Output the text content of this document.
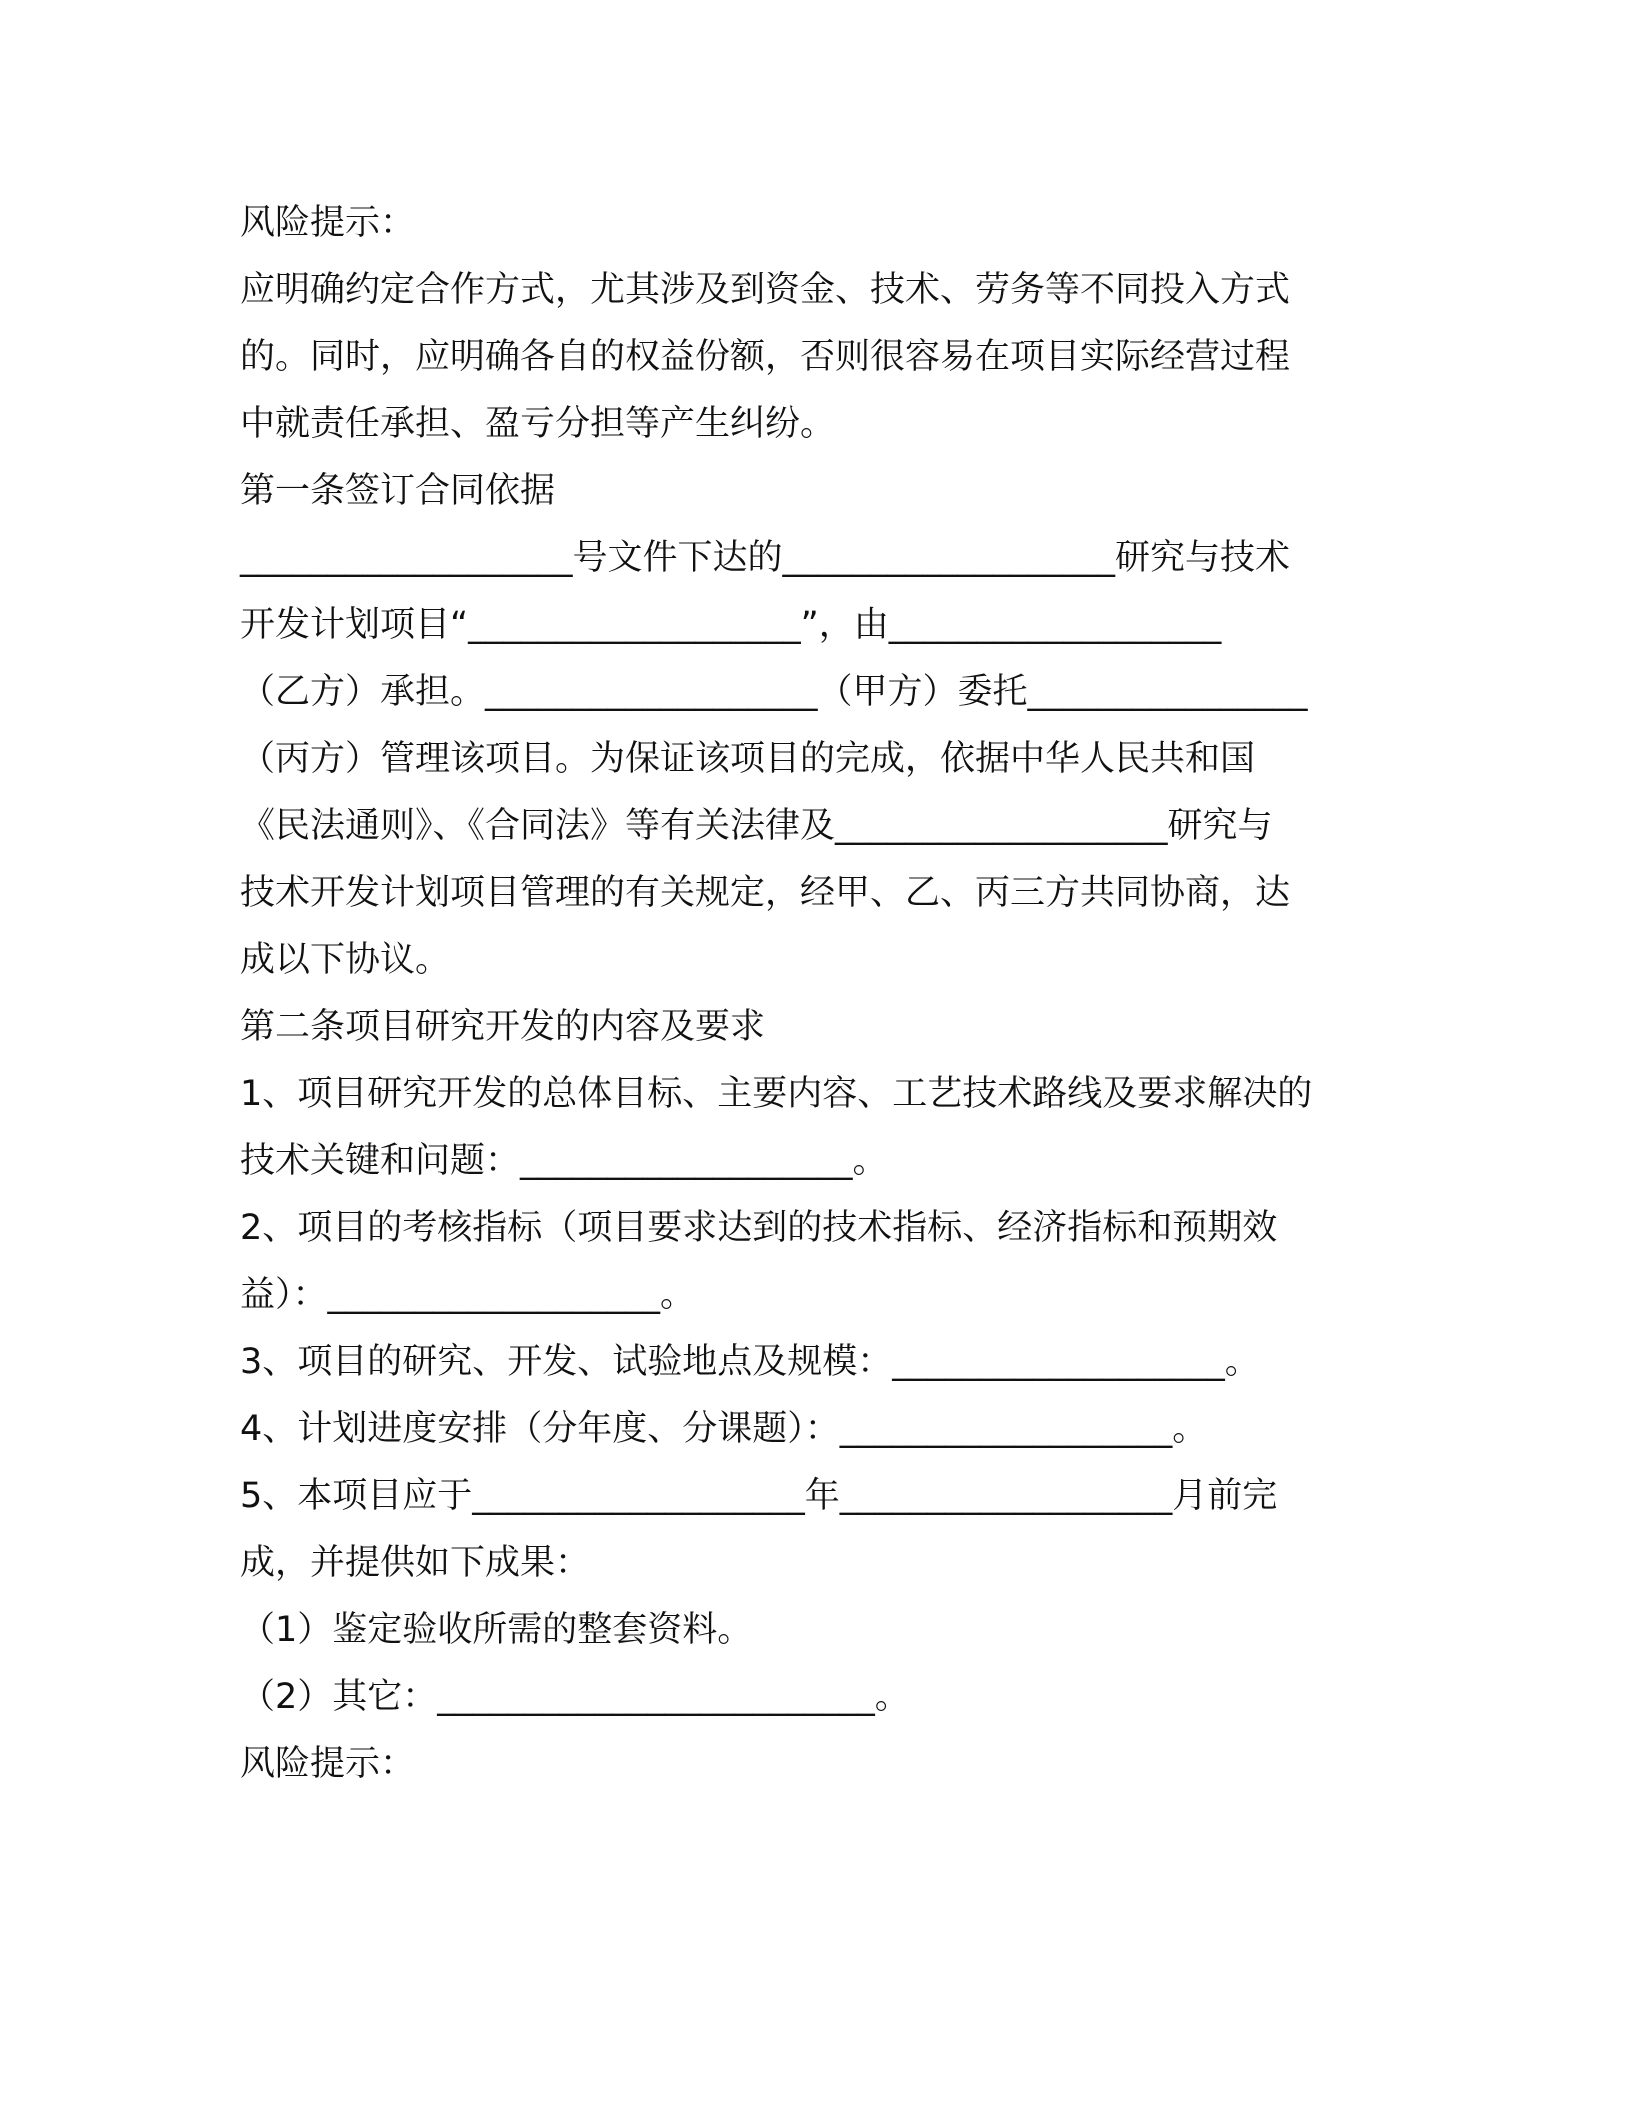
风险提示：
应明确约定合作方式，尤其涉及到资金、技术、劳务等不同投入方式
的。同时，应明确各自的权益份额，否则很容易在项目实际经营过程
中就责任承担、盈亏分担等产生纠纷。
第一条签订合同依据
___________________号文件下达的___________________研究与技术
开发计划项目“___________________”，由___________________
（乙方）承担。___________________（甲方）委托________________
（丙方）管理该项目。为保证该项目的完成，依据中华人民共和国
《民法通则》、《合同法》等有关法律及___________________研究与
技术开发计划项目管理的有关规定，经甲、乙、丙三方共同协商，达
成以下协议。
第二条项目研究开发的内容及要求
1、项目研究开发的总体目标、主要内容、工艺技术路线及要求解决的
技术关键和问题：___________________。
2、项目的考核指标（项目要求达到的技术指标、经济指标和预期效
益）：___________________。
3、项目的研究、开发、试验地点及规模：___________________。
4、计划进度安排（分年度、分课题）：___________________。
5、本项目应于___________________年___________________月前完
成，并提供如下成果：
（1）鉴定验收所需的整套资料。
（2）其它：_________________________。
风险提示：
